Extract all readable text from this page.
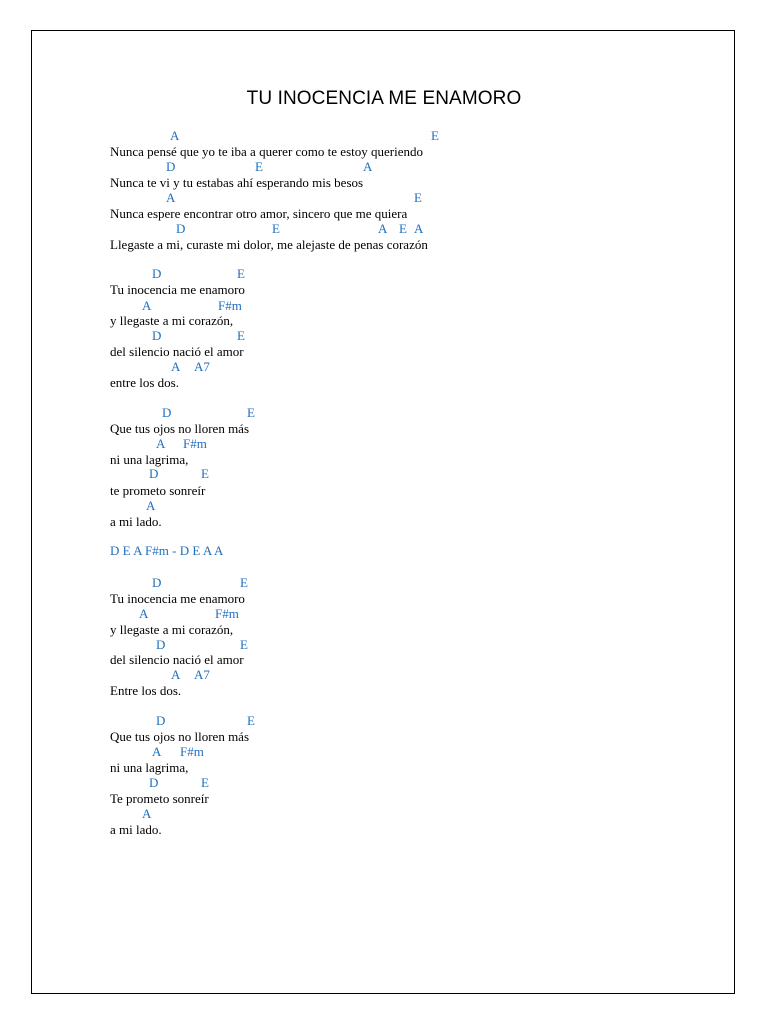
TU INOCENCIA ME ENAMORO
A	E
Nunca pensé que yo te iba a querer como te estoy queriendo
D	E	A
Nunca te vi y tu estabas ahí esperando mis besos
A	E
Nunca espere encontrar otro amor, sincero que me quiera
D	E	A E A
Llegaste a mi, curaste mi dolor, me alejaste de penas corazón
D	E
Tu inocencia me enamoro
A	F#m
y llegaste a mi corazón,
D	E
del silencio nació el amor
A A7
entre los dos.
D	E
Que tus ojos no lloren más
A F#m
ni una lagrima,
D	E
te prometo sonreír
A
a mi lado.
D E A F#m - D E A A
D	E
Tu inocencia me enamoro
A	F#m
y llegaste a mi corazón,
D	E
del silencio nació el amor
A A7
Entre los dos.
D	E
Que tus ojos no lloren más
A F#m
ni una lagrima,
D	E
Te prometo sonreír
A
a mi lado.
